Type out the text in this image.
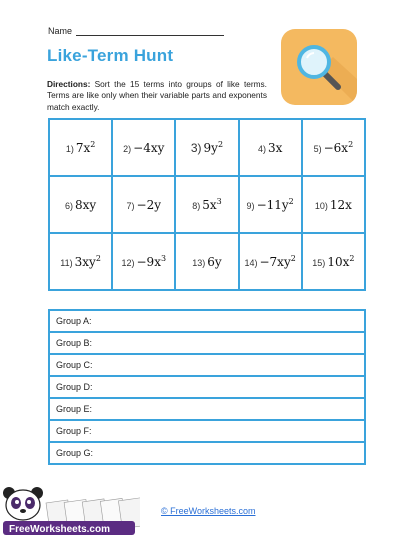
Name
Like-Term Hunt
Directions: Sort the 15 terms into groups of like terms. Terms are like only when their variable parts and exponents match exactly.
1) $7x^2$	2) −4xy	3) $9y^2$	4) 3x	$5) -6x^2$
6) 8xy	7) −2y	8) $5x^3$	$9) -11y^2$	10) 12x
11) $3xy^2$	$12) -9x^3$	13) 6y	$14) -7xy^2$	15) $10x^2$
Group A:
Group B:
Group C:
Group D:
Group E:
Group F:
Group G:
FreeWorksheets.com
© FreeWorksheets.com
